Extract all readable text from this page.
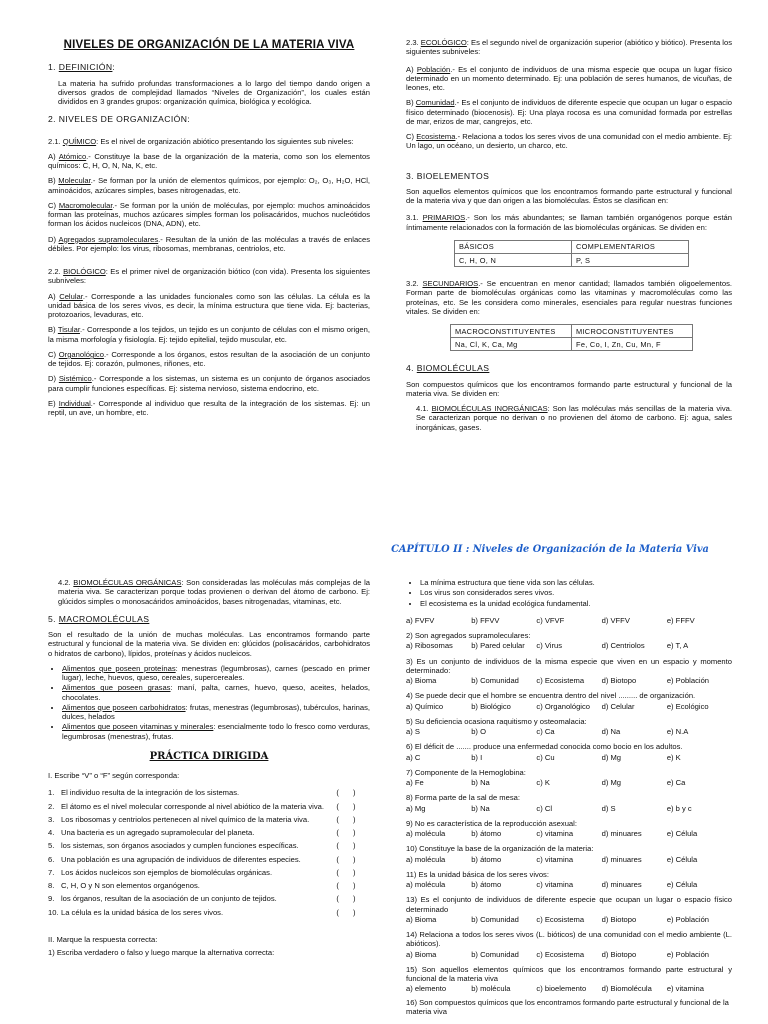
NIVELES DE ORGANIZACIÓN DE LA MATERIA VIVA
1. DEFINICIÓN:
La materia ha sufrido profundas transformaciones a lo largo del tiempo dando origen a diversos grados de complejidad llamados “Niveles de Organización”, los cuales están divididos en 3 grandes grupos: organización química, biológica y ecológica.
2. NIVELES DE ORGANIZACIÓN:
2.1. QUÍMICO: Es el nivel de organización abiótico presentando los siguientes sub niveles:
A) Atómico.- Constituye la base de la organización de la materia, como son los elementos químicos: C, H, O, N, Na, K, etc.
B) Molecular.- Se forman por la unión de elementos químicos, por ejemplo: O₂, O₃, H₂O, HCl, aminoácidos, azúcares simples, bases nitrogenadas, etc.
C) Macromolecular.- Se forman por la unión de moléculas, por ejemplo: muchos aminoácidos forman las proteínas, muchos azúcares simples forman los polisacáridos, muchos nucleótidos forman los ácidos nucleicos (DNA, ADN), etc.
D) Agregados supramoleculares.- Resultan de la unión de las moléculas a través de enlaces débiles. Por ejemplo: los virus, ribosomas, membranas, centriolos, etc.
2.2. BIOLÓGICO: Es el primer nivel de organización biótico (con vida). Presenta los siguientes subniveles:
A) Celular.- Corresponde a las unidades funcionales como son las células. La célula es la unidad básica de los seres vivos, es decir, la mínima estructura que tiene vida. Ej: bacterias, protozoarios, levaduras, etc.
B) Tisular.- Corresponde a los tejidos, un tejido es un conjunto de células con el mismo origen, la misma morfología y fisiología. Ej: tejido epitelial, tejido muscular, etc.
C) Organológico.- Corresponde a los órganos, estos resultan de la asociación de un conjunto de tejidos. Ej: corazón, pulmones, riñones, etc.
D) Sistémico.- Corresponde a los sistemas, un sistema es un conjunto de órganos asociados para cumplir funciones específicas. Ej: sistema nervioso, sistema endocrino, etc.
E) Individual.- Corresponde al individuo que resulta de la integración de los sistemas. Ej: un reptil, un ave, un hombre, etc.
2.3. ECOLÓGICO: Es el segundo nivel de organización superior (abiótico y biótico). Presenta los siguientes subniveles:
A) Población.- Es el conjunto de individuos de una misma especie que ocupa un lugar físico determinado en un momento determinado. Ej: una población de seres humanos, de vicuñas, de leones, etc.
B) Comunidad.- Es el conjunto de individuos de diferente especie que ocupan un lugar o espacio físico determinado (biocenosis). Ej: Una playa rocosa es una comunidad formada por estrellas de mar, erizos de mar, cangrejos, etc.
C) Ecosistema.- Relaciona a todos los seres vivos de una comunidad con el medio ambiente. Ej: Un lago, un océano, un desierto, un charco, etc.
3. BIOELEMENTOS
Son aquellos elementos químicos que los encontramos formando parte estructural y funcional de la materia viva y que dan origen a las biomoléculas. Éstos se clasifican en:
3.1. PRIMARIOS.- Son los más abundantes; se llaman también organógenos porque están íntimamente relacionados con la formación de las biomoléculas orgánicas. Se dividen en:
BÁSICOS	COMPLEMENTARIOS
C, H, O, N	P, S
3.2. SECUNDARIOS.- Se encuentran en menor cantidad; llamados también oligoelementos. Forman parte de biomoléculas orgánicas como las vitaminas y macromoléculas como las proteínas, etc. Se les considera como minerales, esenciales para regular nuestras funciones vitales. Se dividen en:
MACROCONSTITUYENTES	MICROCONSTITUYENTES
Na, Cl, K, Ca, Mg	Fe, Co, I, Zn, Cu, Mn, F
4. BIOMOLÉCULAS
Son compuestos químicos que los encontramos formando parte estructural y funcional de la materia viva. Se dividen en:
4.1. BIOMOLÉCULAS INORGÁNICAS: Son las moléculas más sencillas de la materia viva. Se caracterizan porque no derivan o no provienen del átomo de carbono. Ej: agua, sales inorgánicas, gases.
CAPÍTULO II : Niveles de Organización de la Materia Viva
4.2. BIOMOLÉCULAS ORGÁNICAS: Son consideradas las moléculas más complejas de la materia viva. Se caracterizan porque todas provienen o derivan del átomo de carbono. Ej: glúcidos simples o monosacáridos aminoácidos, bases nitrogenadas, vitaminas, etc.
5. MACROMOLÉCULAS
Son el resultado de la unión de muchas moléculas. Las encontramos formando parte estructural y funcional de la materia viva. Se dividen en: glúcidos (polisacáridos, carbohidratos o hidratos de carbono), lípidos, proteínas y ácidos nucleicos.
• Alimentos que poseen proteínas: menestras (legumbrosas), carnes (pescado en primer lugar), leche, huevos, queso, cereales, supercereales.
• Alimentos que poseen grasas: maní, palta, carnes, huevo, queso, aceites, helados, chocolates.
• Alimentos que poseen carbohidratos: frutas, menestras (legumbrosas), tubérculos, harinas, dulces, helados
• Alimentos que poseen vitaminas y minerales: esencialmente todo lo fresco como verduras, legumbrosas (menestras), frutas.
PRÁCTICA DIRIGIDA
I. Escribe “V” o “F” según corresponda:
1. El individuo resulta de la integración de los sistemas.	( )
2. El átomo es el nivel molecular corresponde al nivel abiótico de la materia viva.	( )
3. Los ribosomas y centriolos pertenecen al nivel químico de la materia viva.	( )
4. Una bacteria es un agregado supramolecular del planeta.	( )
5. los sistemas, son órganos asociados y cumplen funciones específicas.	( )
6. Una población es una agrupación de individuos de diferentes especies.	( )
7. Los ácidos nucleicos son ejemplos de biomoléculas orgánicas.	( )
8. C, H, O y N son elementos organógenos.	( )
9. los órganos, resultan de la asociación de un conjunto de tejidos.	( )
10. La célula es la unidad básica de los seres vivos.	( )
II. Marque la respuesta correcta:
1) Escriba verdadero o falso y luego marque la alternativa correcta:
• La mínima estructura que tiene vida son las células.
• Los virus son considerados seres vivos.
• El ecosistema es la unidad ecológica fundamental.
a) FVFV	b) FFVV	c) VFVF	d) VFFV	e) FFFV
2) Son agregados supramoleculares:
a) Ribosomas	b) Pared celular	c) Virus	d) Centriolos	e) T, A
3) Es un conjunto de individuos de la misma especie que viven en un espacio y momento determinado:
a) Bioma	b) Comunidad	c) Ecosistema	d) Biotopo	e) Población
4) Se puede decir que el hombre se encuentra dentro del nivel ......... de organización.
a) Químico	b) Biológico	c) Organológico	d) Celular	e) Ecológico
5) Su deficiencia ocasiona raquitismo y osteomalacia:
a) S	b) O	c) Ca	d) Na	e) N.A
6) El déficit de ....... produce una enfermedad conocida como bocio en los adultos.
a) C	b) I	c) Cu	d) Mg	e) K
7) Componente de la Hemoglobina:
a) Fe	b) Na	c) K	d) Mg	e) Ca
8) Forma parte de la sal de mesa:
a) Mg	b) Na	c) Cl	d) S	e) b y c
9) No es característica de la reproducción asexual:
a) molécula	b) átomo	c) vitamina	d) minuares	e) Célula
10) Constituye la base de la organización de la materia:
a) molécula	b) átomo	c) vitamina	d) minuares	e) Célula
11) Es la unidad básica de los seres vivos:
a) molécula	b) átomo	c) vitamina	d) minuares	e) Célula
13) Es el conjunto de individuos de diferente especie que ocupan un lugar o espacio físico determinado
a) Bioma	b) Comunidad	c) Ecosistema	d) Biotopo	e) Población
14) Relaciona a todos los seres vivos (L. bióticos) de una comunidad con el medio ambiente (L. abióticos).
a) Bioma	b) Comunidad	c) Ecosistema	d) Biotopo	e) Población
15) Son aquellos elementos químicos que los encontramos formando parte estructural y funcional de la materia viva
a) elemento	b) molécula	c) bioelemento	d) Biomolécula	e) vitamina
16) Son compuestos químicos que los encontramos formando parte estructural y funcional de la materia viva
